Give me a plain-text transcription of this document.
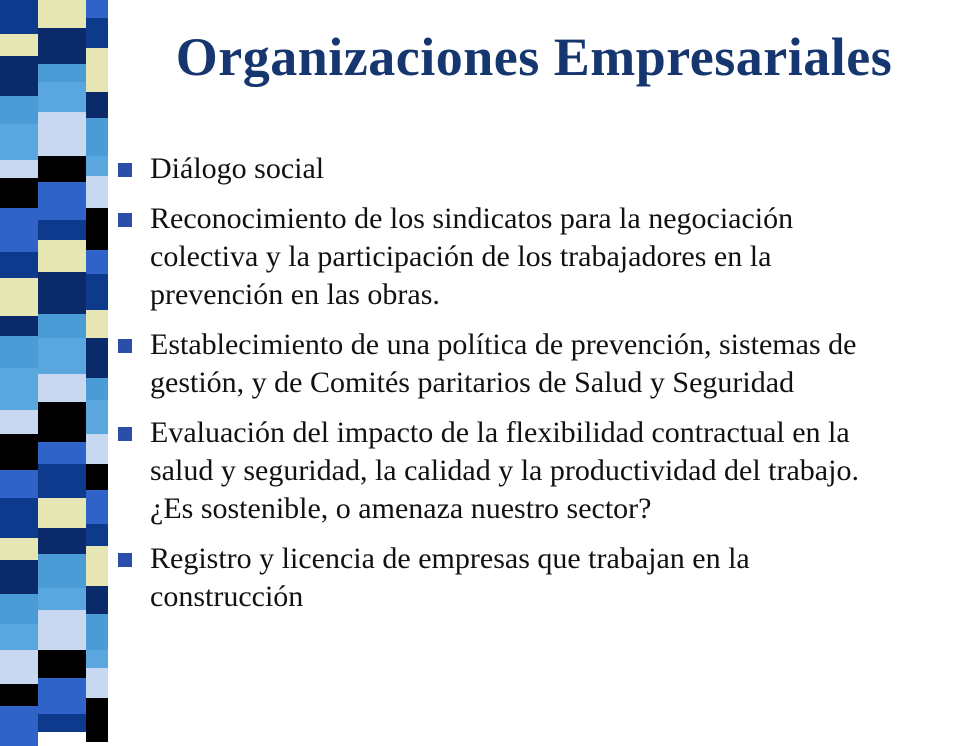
Organizaciones Empresariales
Diálogo social
Reconocimiento de los sindicatos para la negociación colectiva y la participación de los trabajadores en la prevención en las obras.
Establecimiento de una política de prevención, sistemas de gestión, y de Comités paritarios de Salud y Seguridad
Evaluación del impacto de la flexibilidad contractual en la salud y seguridad, la calidad y la productividad del trabajo. ¿Es sostenible, o amenaza nuestro sector?
Registro y licencia de empresas que trabajan en la construcción
